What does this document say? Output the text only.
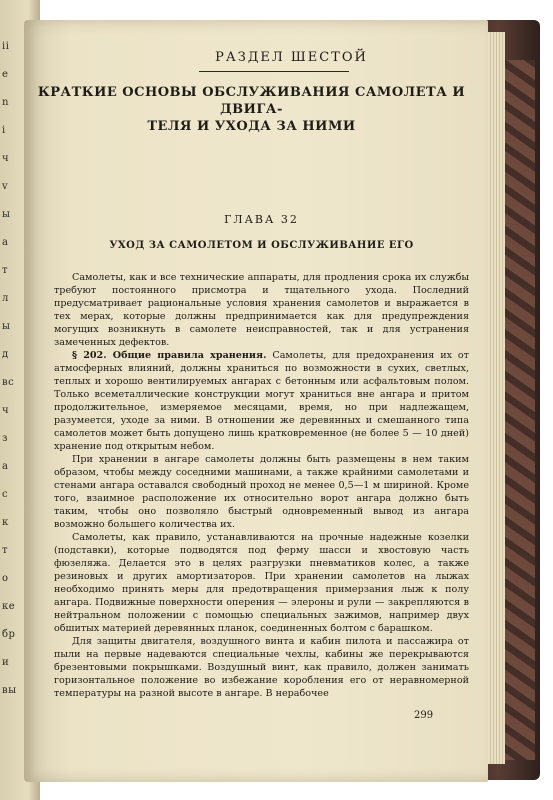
ii
e
n
i
ч
v
ы
a
т
л
ы
д
вс
ч
з
а
с
к
т
о
ке
бр
и
вы
РАЗДЕЛ ШЕСТОЙ
КРАТКИЕ ОСНОВЫ ОБСЛУЖИВАНИЯ САМОЛЕТА И ДВИГА-
ТЕЛЯ И УХОДА ЗА НИМИ
ГЛАВА 32
УХОД ЗА САМОЛЕТОМ И ОБСЛУЖИВАНИЕ ЕГО

Самолеты, как и все технические аппараты, для продления срока их службы требуют постоянного присмотра и тщательного ухода. Последний предусматривает рациональные условия хранения самолетов и выражается в тех мерах, которые должны предпринимается как для предупреждения могущих возникнуть в самолете неисправностей, так и для устранения замеченных дефектов.

§ 202. Общие правила хранения. Самолеты, для предохранения их от атмосферных влияний, должны храниться по возможности в сухих, светлых, теплых и хорошо вентилируемых ангарах с бетонным или асфальтовым полом. Только всеметаллические конструкции могут храниться вне ангара и притом продолжительное, измеряемое месяцами, время, но при надлежащем, разумеется, уходе за ними. В отношении же деревянных и смешанного типа самолетов может быть допущено лишь кратковременное (не более 5 — 10 дней) хранение под открытым небом.

При хранении в ангаре самолеты должны быть размещены в нем таким образом, чтобы между соседними машинами, а также крайними самолетами и стенами ангара оставался свободный проход не менее 0,5—1 м шириной. Кроме того, взаимное расположение их относительно ворот ангара должно быть таким, чтобы оно позволяло быстрый одновременный вывод из ангара возможно большего количества их.

Самолеты, как правило, устанавливаются на прочные надежные козелки (подставки), которые подводятся под ферму шасси и хвостовую часть фюзеляжа. Делается это в целях разгрузки пневматиков колес, а также резиновых и других амортизаторов. При хранении самолетов на лыжах необходимо принять меры для предотвращения примерзания лыж к полу ангара. Подвижные поверхности оперения — элероны и рули — закрепляются в нейтральном положении с помощью специальных зажимов, например двух обшитых материей деревянных планок, соединенных болтом с барашком.

Для защиты двигателя, воздушного винта и кабин пилота и пассажира от пыли на первые надеваются специальные чехлы, кабины же перекрываются брезентовыми покрышками. Воздушный винт, как правило, должен занимать горизонтальное положение во избежание коробления его от неравномерной температуры на разной высоте в ангаре. В нерабочее

299
